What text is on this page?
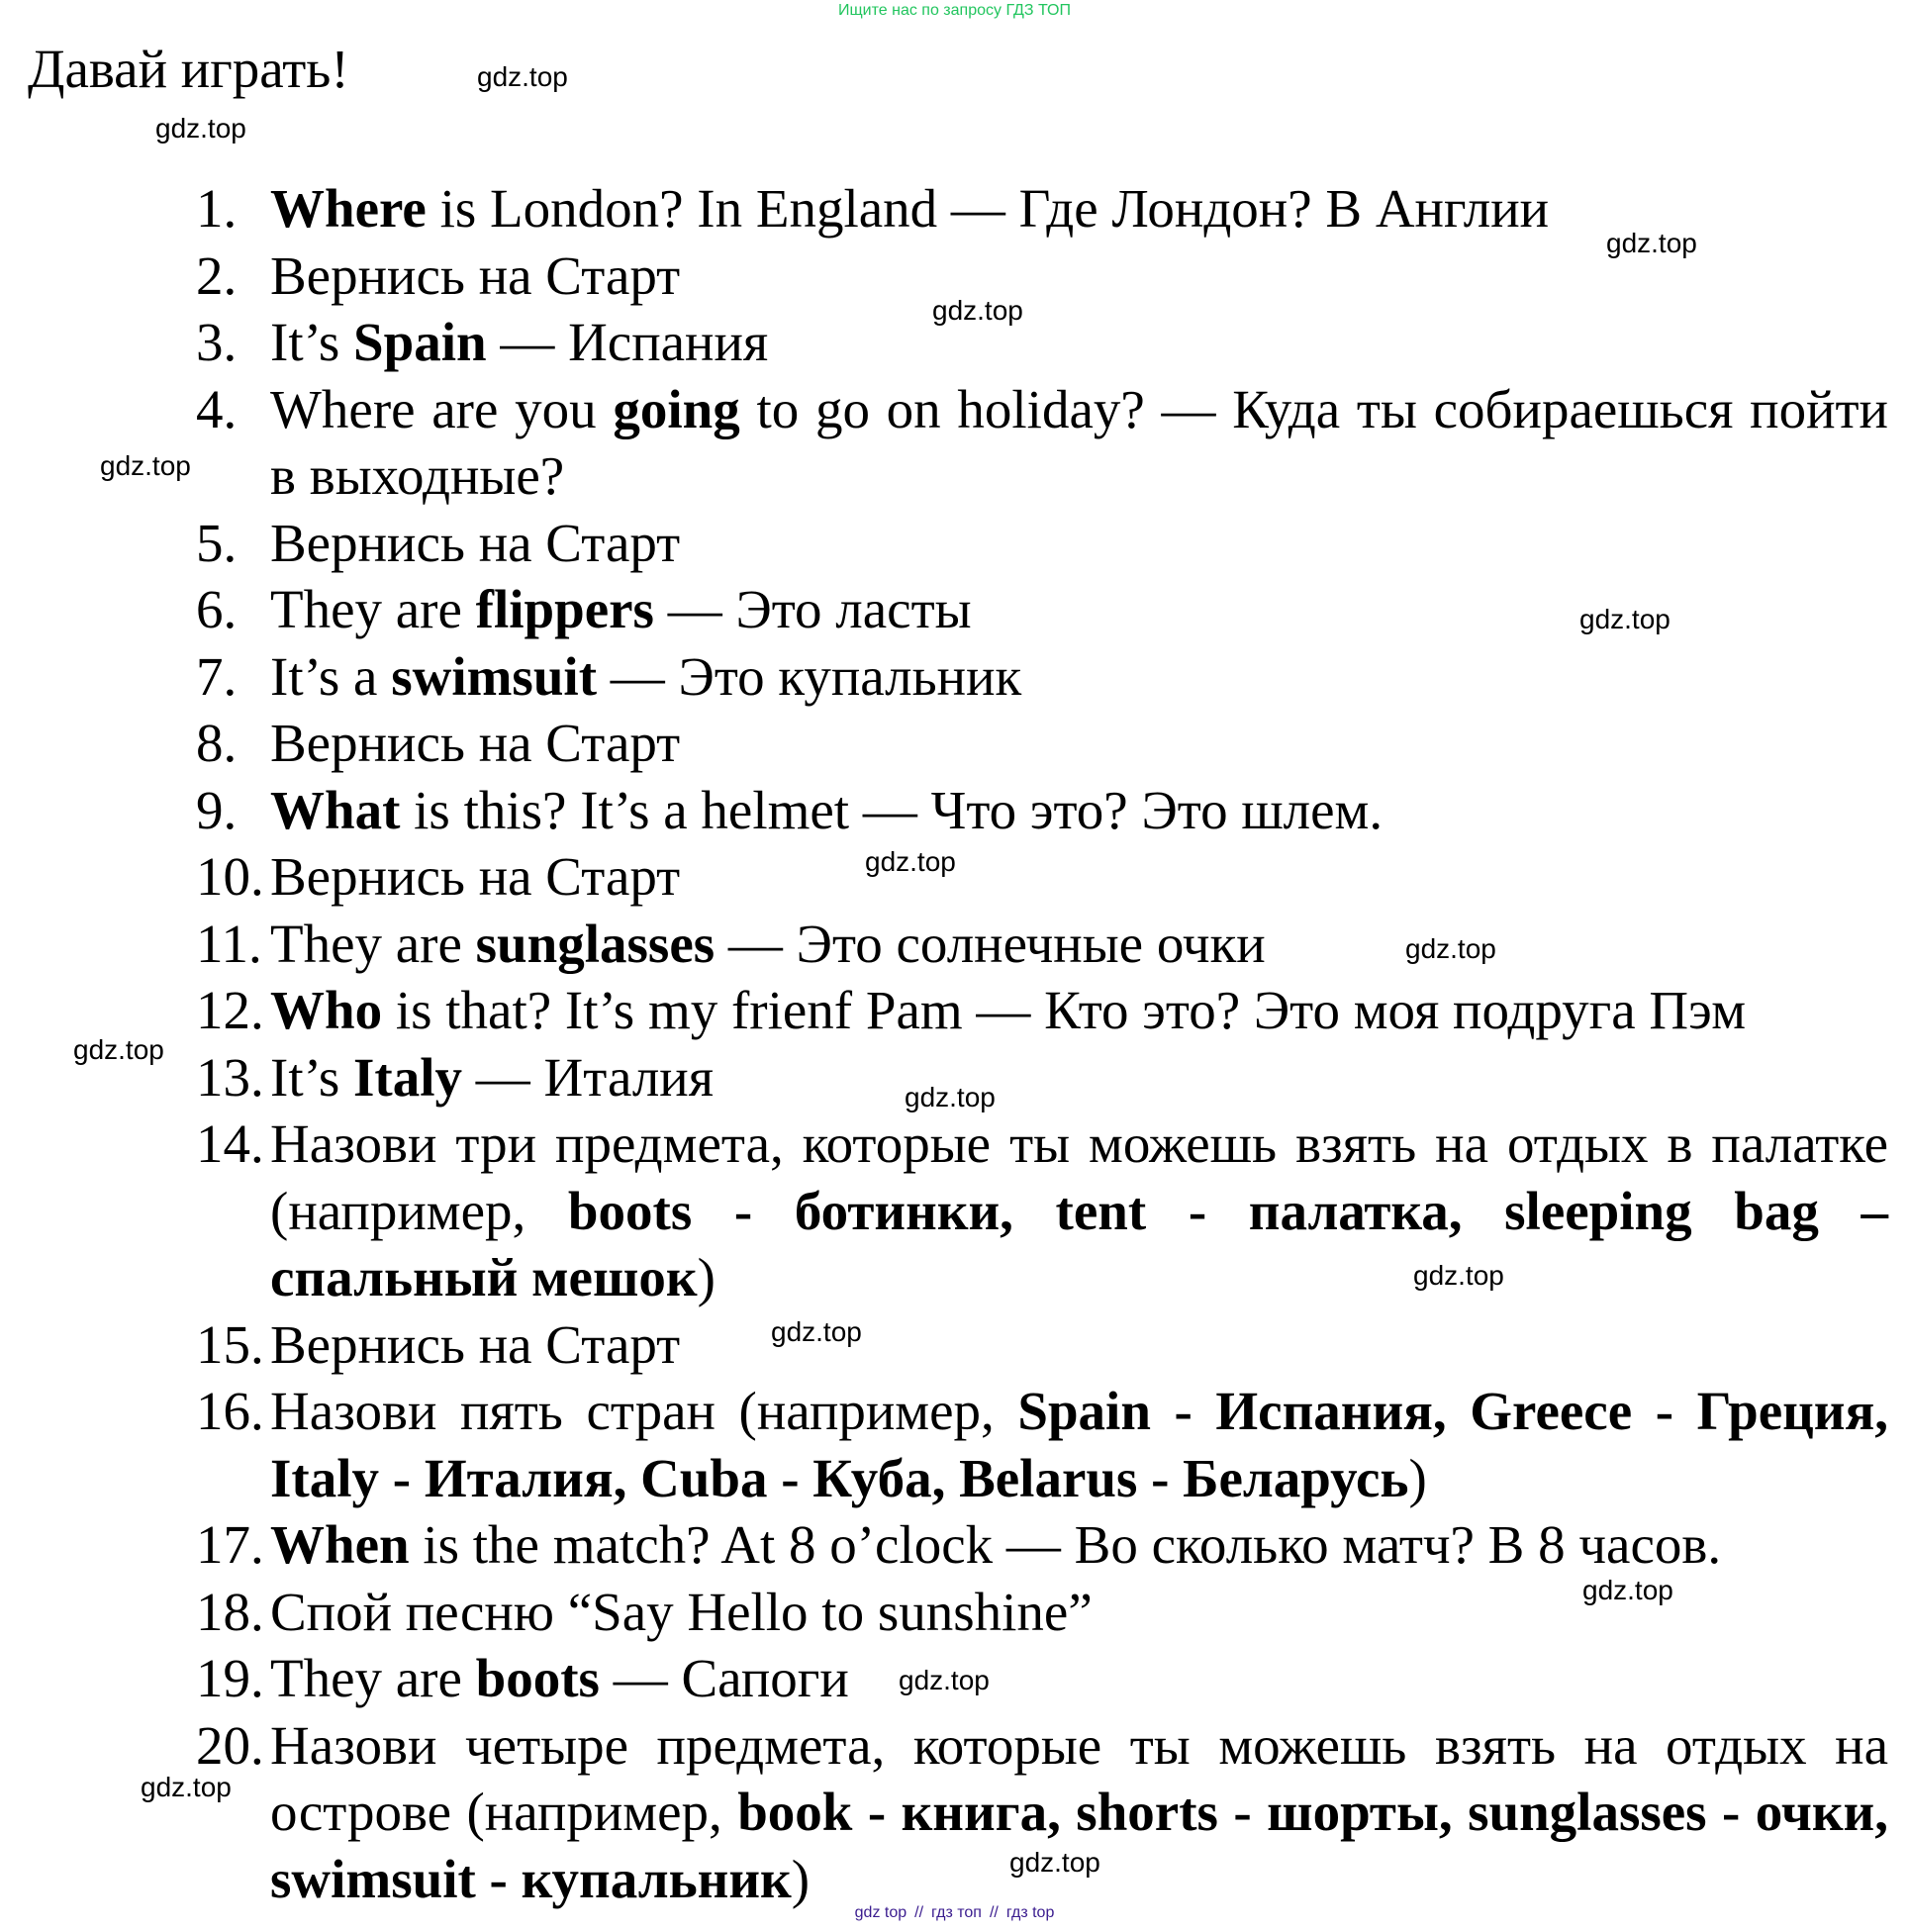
Ищите нас по запросу ГДЗ ТОП
Давай играть!
1. Where is London? In England — Где Лондон? В Англии
2. Вернись на Старт
3. It’s Spain — Испания
4. Where are you going to go on holiday? — Куда ты собираешься пойти в выходные?
5. Вернись на Старт
6. They are flippers — Это ласты
7. It’s a swimsuit — Это купальник
8. Вернись на Старт
9. What is this? It’s a helmet — Что это? Это шлем.
10. Вернись на Старт
11. They are sunglasses — Это солнечные очки
12. Who is that? It’s my frienf Pam — Кто это? Это моя подруга Пэм
13. It’s Italy — Италия
14. Назови три предмета, которые ты можешь взять на отдых в палатке (например, boots - ботинки, tent - палатка, sleeping bag – спальный мешок)
15. Вернись на Старт
16. Назови пять стран (например, Spain - Испания, Greece - Греция, Italy - Италия, Cuba - Куба, Belarus - Беларусь)
17. When is the match? At 8 o’clock — Во сколько матч? В 8 часов.
18. Спой песню “Say Hello to sunshine”
19. They are boots — Сапоги
20. Назови четыре предмета, которые ты можешь взять на отдых на острове (например, book - книга, shorts - шорты, sunglasses - очки, swimsuit - купальник)
gdz.top
gdz.top
gdz.top
gdz.top
gdz.top
gdz.top
gdz.top
gdz.top
gdz.top
gdz.top
gdz.top
gdz.top
gdz.top
gdz.top
gdz.top
gdz.top
gdz top // гдз топ // гдз top
